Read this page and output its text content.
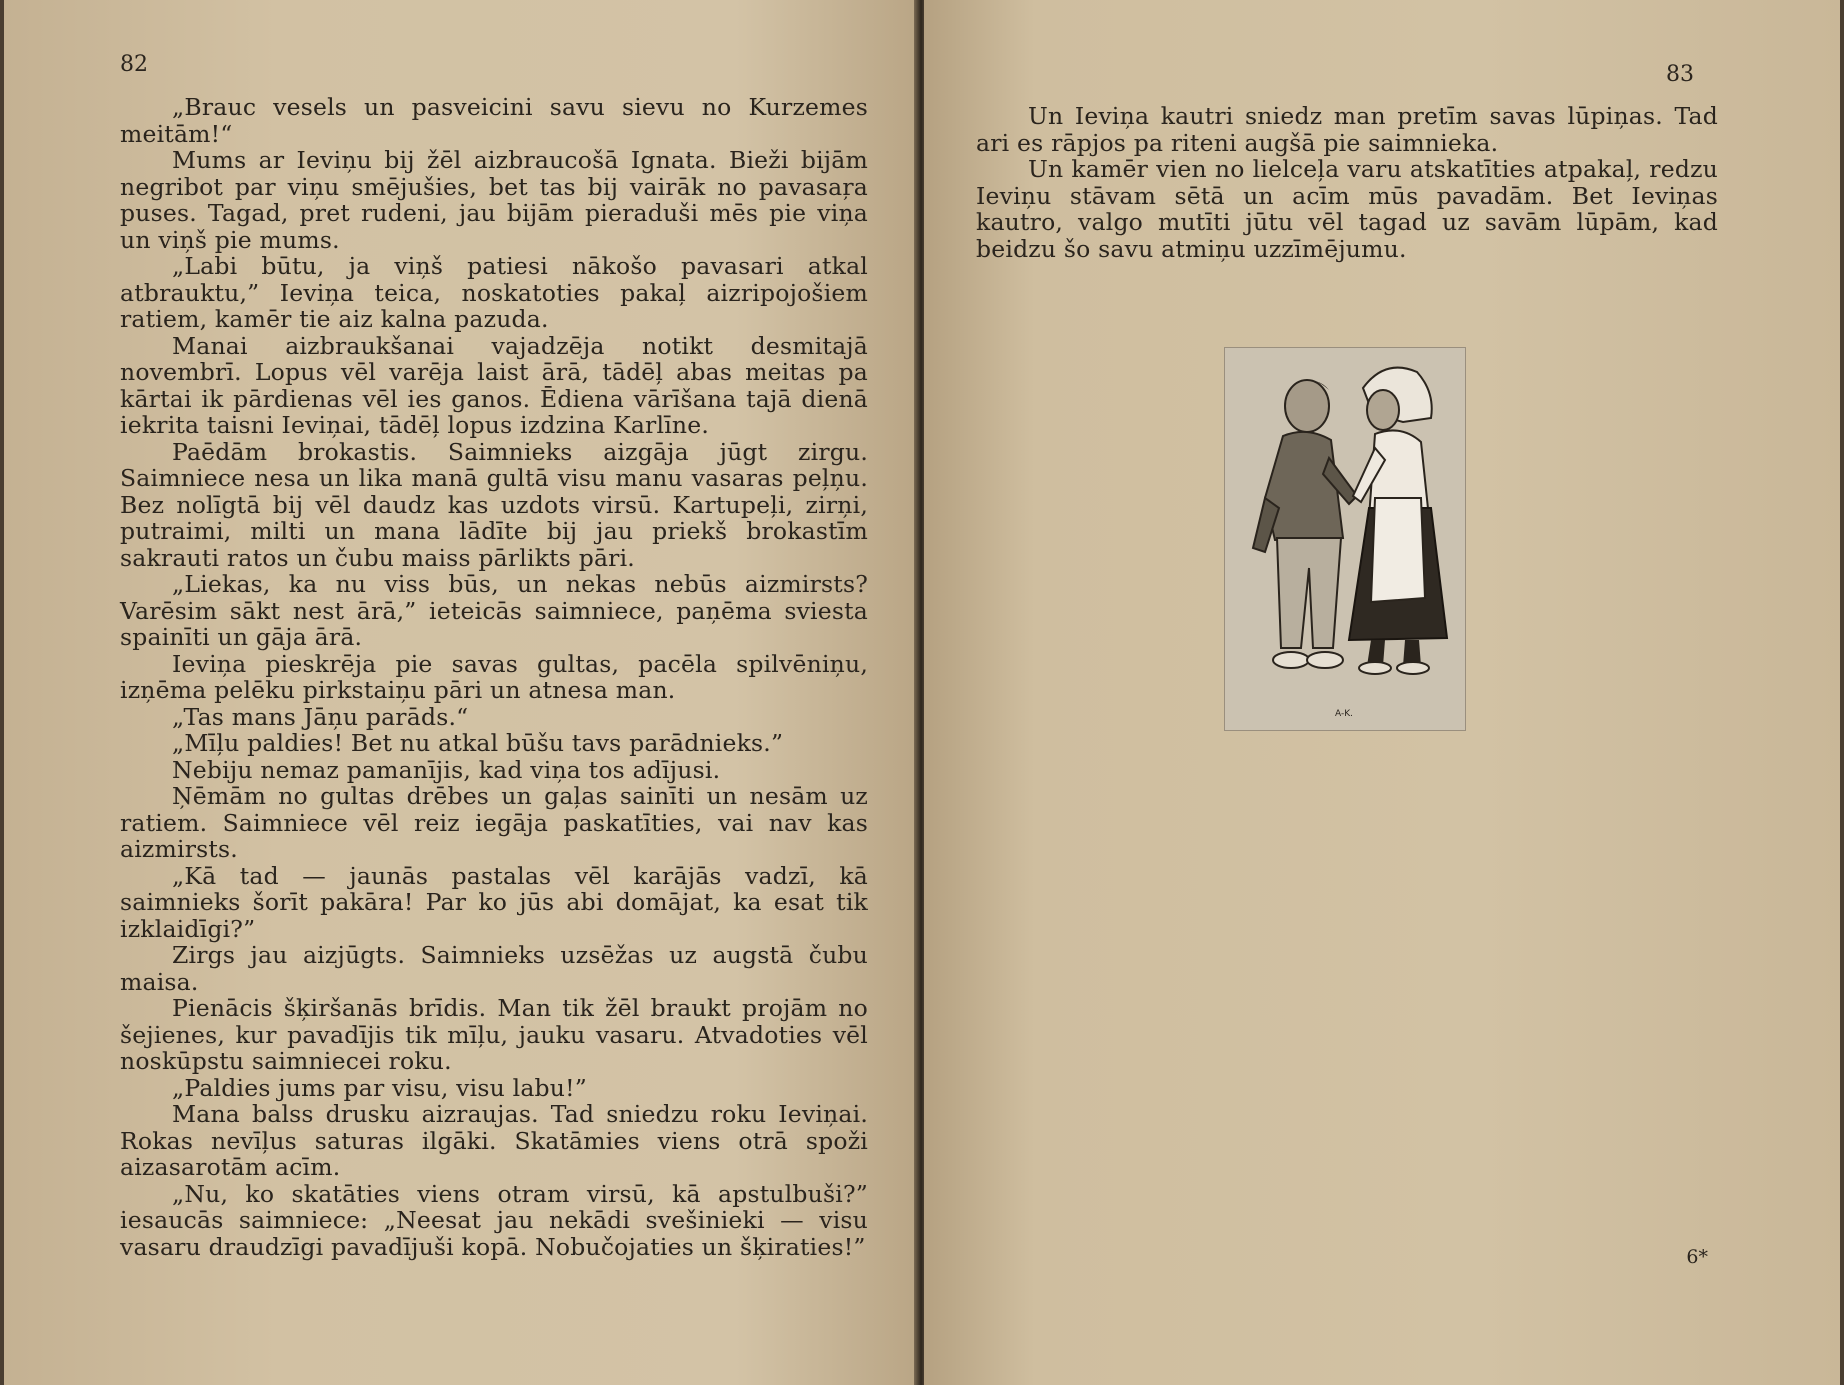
82

„Brauc vesels un pasveicini savu sievu no Kurzemes meitām!“

Mums ar Ieviņu bij žēl aizbraucošā Ignata. Bieži bijām negribot par viņu smējušies, bet tas bij vairāk no pavasaŗa puses. Tagad, pret rudeni, jau bijām pieraduši mēs pie viņa un viņš pie mums.

„Labi būtu, ja viņš patiesi nākošo pavasari atkal atbrauktu,” Ieviņa teica, noskatoties pakaļ aizripojošiem ratiem, kamēr tie aiz kalna pazuda.

Manai aizbraukšanai vajadzēja notikt desmitajā novembrī. Lopus vēl varēja laist ārā, tādēļ abas meitas pa kārtai ik pārdienas vēl ies ganos. Ēdiena vārīšana tajā dienā iekrita taisni Ieviņai, tādēļ lopus izdzina Karlīne.

Paēdām brokastis. Saimnieks aizgāja jūgt zirgu. Saimniece nesa un lika manā gultā visu manu vasaras peļņu. Bez nolīgtā bij vēl daudz kas uzdots virsū. Kartupeļi, zirņi, putraimi, milti un mana lādīte bij jau priekš brokastīm sakrauti ratos un čubu maiss pārlikts pāri.

„Liekas, ka nu viss būs, un nekas nebūs aizmirsts? Varēsim sākt nest ārā,” ieteicās saimniece, paņēma sviesta spainīti un gāja ārā.

Ieviņa pieskrēja pie savas gultas, pacēla spilvēniņu, izņēma pelēku pirkstaiņu pāri un atnesa man.

„Tas mans Jāņu parāds.“

„Mīļu paldies! Bet nu atkal būšu tavs parādnieks.”

Nebiju nemaz pamanījis, kad viņa tos adījusi.

Ņēmām no gultas drēbes un gaļas sainīti un nesām uz ratiem. Saimniece vēl reiz iegāja paskatīties, vai nav kas aizmirsts.

„Kā tad — jaunās pastalas vēl karājās vadzī, kā saimnieks šorīt pakāra! Par ko jūs abi domājat, ka esat tik izklaidīgi?”

Zirgs jau aizjūgts. Saimnieks uzsēžas uz augstā čubu maisa.

Pienācis šķiršanās brīdis. Man tik žēl braukt projām no šejienes, kur pavadījis tik mīļu, jauku vasaru. Atvadoties vēl noskūpstu saimniecei roku.

„Paldies jums par visu, visu labu!”

Mana balss drusku aizraujas. Tad sniedzu roku Ieviņai. Rokas nevīļus saturas ilgāki. Skatāmies viens otrā spoži aizasarotām acīm.

„Nu, ko skatāties viens otram virsū, kā apstulbuši?” iesaucās saimniece: „Neesat jau nekādi svešinieki — visu vasaru draudzīgi pavadījuši kopā. Nobučojaties un šķiraties!”

83

Un Ieviņa kautri sniedz man pretīm savas lūpiņas. Tad ari es rāpjos pa riteni augšā pie saimnieka.

Un kamēr vien no lielceļa varu atskatīties atpakaļ, redzu Ieviņu stāvam sētā un acīm mūs pavadām. Bet Ieviņas kautro, valgo mutīti jūtu vēl tagad uz savām lūpām, kad beidzu šo savu atmiņu uzzīmējumu.

A-K.
6*
